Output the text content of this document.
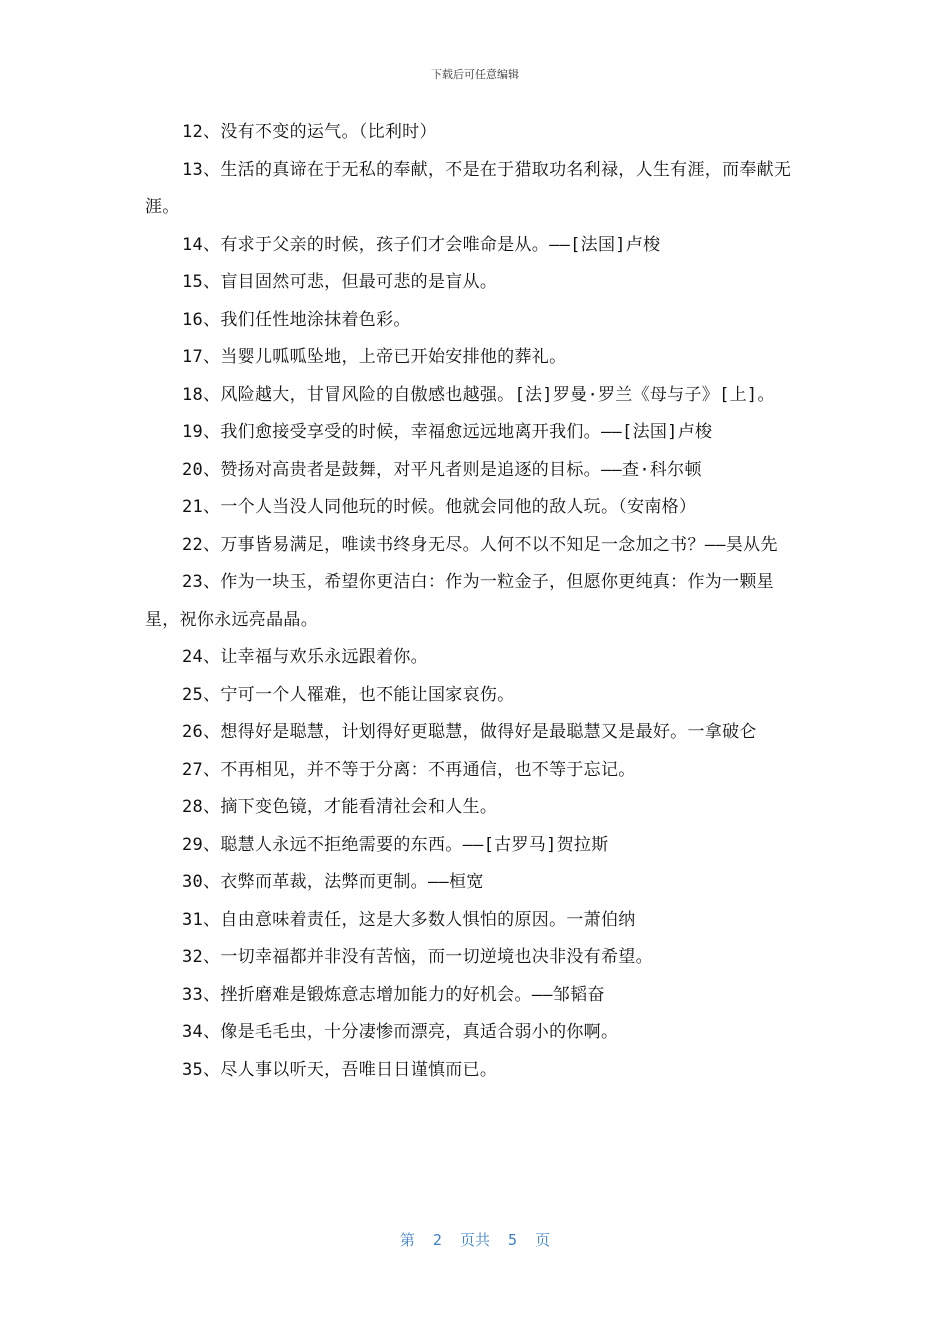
下载后可任意编辑

12、没有不变的运气。（比利时）

13、生活的真谛在于无私的奉献，不是在于猎取功名利禄，人生有涯，而奉献无涯。

14、有求于父亲的时候，孩子们才会唯命是从。——[法国]卢梭

15、盲目固然可悲，但最可悲的是盲从。

16、我们任性地涂抹着色彩。

17、当婴儿呱呱坠地，上帝已开始安排他的葬礼。

18、风险越大，甘冒风险的自傲感也越强。[法]罗曼·罗兰《母与子》[上]。

19、我们愈接受享受的时候，幸福愈远远地离开我们。——[法国]卢梭

20、赞扬对高贵者是鼓舞，对平凡者则是追逐的目标。——查·科尔顿

21、一个人当没人同他玩的时候。他就会同他的敌人玩。（安南格）

22、万事皆易满足，唯读书终身无尽。人何不以不知足一念加之书？——昊从先

23、作为一块玉，希望你更洁白：作为一粒金子，但愿你更纯真：作为一颗星星，祝你永远亮晶晶。

24、让幸福与欢乐永远跟着你。

25、宁可一个人罹难，也不能让国家哀伤。

26、想得好是聪慧，计划得好更聪慧，做得好是最聪慧又是最好。一拿破仑

27、不再相见，并不等于分离：不再通信，也不等于忘记。

28、摘下变色镜，才能看清社会和人生。

29、聪慧人永远不拒绝需要的东西。——[古罗马]贺拉斯

30、衣弊而革裁，法弊而更制。——桓宽

31、自由意味着责任，这是大多数人惧怕的原因。一萧伯纳

32、一切幸福都并非没有苦恼，而一切逆境也决非没有希望。

33、挫折磨难是锻炼意志增加能力的好机会。——邹韬奋

34、像是毛毛虫，十分凄惨而漂亮，真适合弱小的你啊。

35、尽人事以听天，吾唯日日谨慎而已。

第  2  页共  5  页
